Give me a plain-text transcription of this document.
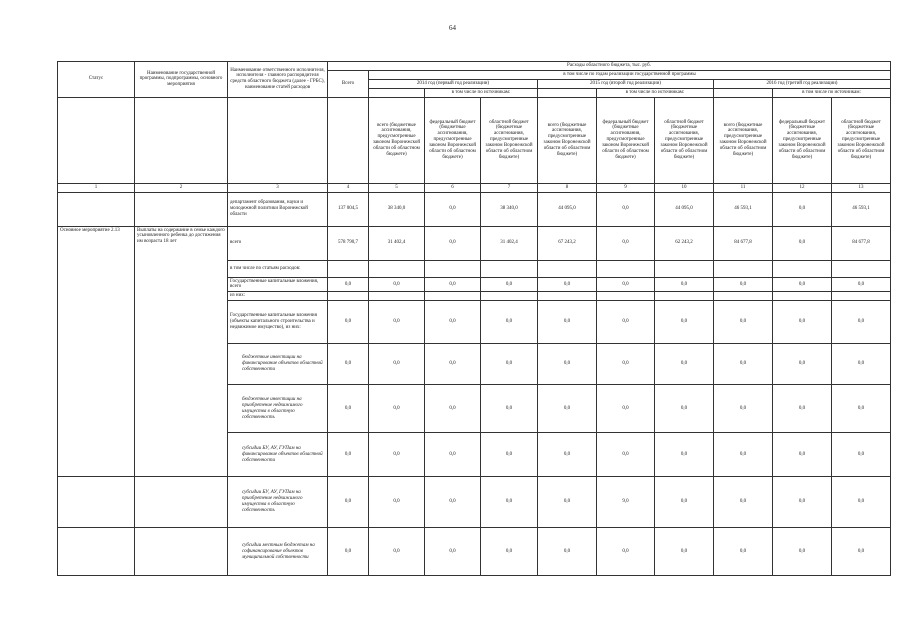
64
Статус	Наименование государственной программы, подпрограммы, основного мероприятия	Наименование ответственного исполнителя, исполнителя - главного распорядителя средств областного бюджета (далее - ГРБС), наименование статей расходов	Расходы областного бюджета, тыс. руб.									
			Всего	в том числе по годам реализации государственной программы								
				2014 год (первый год реализации)			2015 год (второй год реализации)			2016 год (третий год реализации)		
					в том числе по источникам:			в том числе по источникам:			в том числе по источникам:	
				всего (бюджетные ассигнования, предусмотренные законом Воронежской области об областном бюджете)	федеральный бюджет (бюджетные ассигнования, предусмотренные законом Воронежской области об областном бюджете)	областной бюджет (бюджетные ассигнования, предусмотренные законом Воронежской области об областном бюджете)	всего (бюджетные ассигнования, предусмотренные законом Воронежской области об областном бюджете)	федеральный бюджет (бюджетные ассигнования, предусмотренные законом Воронежской области об областном бюджете)	областной бюджет (бюджетные ассигнования, предусмотренные законом Воронежской области об областном бюджете)	всего (бюджетные ассигнования, предусмотренные законом Воронежской области об областном бюджете)	федеральный бюджет (бюджетные ассигнования, предусмотренные законом Воронежской области об областном бюджете)	областной бюджет (бюджетные ассигнования, предусмотренные законом Воронежской области об областном бюджете)
1	2	3	4	5	6	7	8	9	10	11	12	13
		департамент образования, науки и молодежной политики Воронежской области	137 004,5	38 340,0	0,0	38 340,0	44 095,0	0,0	44 095,0	46 593,1	0,0	46 593,1
Основное мероприятие 2.13	Выплаты на содержание в семье каждого усыновленного ребенка до достижения им возраста 18 лет	всего	578 790,7	31 402,4	0,0	31 402,4	67 243,2	0,0	62 243,2	84 677,8	0,0	84 677,8
		в том числе по статьям расходов:										
		Государственные капитальные вложения, всего	0,0	0,0	0,0	0,0	0,0	0,0	0,0	0,0	0,0	0,0
		из них:										
		Государственные капитальные вложения (объекты капитального строительства и недвижимое имущество), из них:	0,0	0,0	0,0	0,0	0,0	0,0	0,0	0,0	0,0	0,0
		бюджетные инвестиции на финансирование объектов областной собственности	0,0	0,0	0,0	0,0	0,0	0,0	0,0	0,0	0,0	0,0
		бюджетные инвестиции на приобретение недвижимого имущества в областную собственность	0,0	0,0	0,0	0,0	0,0	0,0	0,0	0,0	0,0	0,0
		субсидии БУ, АУ, ГУПам на финансирование объектов областной собственности	0,0	0,0	0,0	0,0	0,0	0,0	0,0	0,0	0,0	0,0
		субсидии БУ, АУ, ГУПам на приобретение недвижимого имущества в областную собственность	0,0	0,0	0,0	0,0	0,0	9,0	0,0	0,0	0,0	0,0
		субсидии местным бюджетам на софинансирование объектов муниципальной собственности	0,0	0,0	0,0	0,0	0,0	0,0	0,0	0,0	0,0	0,0
